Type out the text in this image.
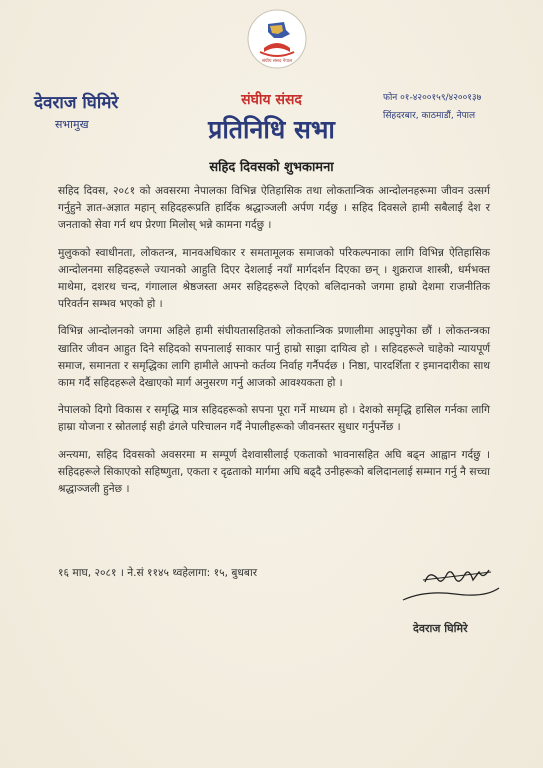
संघीय संसद नेपाल
देवराज घिमिरे
सभामुख
संघीय संसद
प्रतिनिधि सभा
फोन ०१-४२००१५९/४२००१३७
सिंहदरबार, काठमाडौं, नेपाल
सहिद दिवसको शुभकामना

सहिद दिवस, २०८१ को अवसरमा नेपालका विभिन्न ऐतिहासिक तथा लोकतान्त्रिक आन्दोलनहरूमा जीवन उत्सर्ग गर्नुहुने ज्ञात-अज्ञात महान् सहिदहरूप्रति हार्दिक श्रद्धाञ्जली अर्पण गर्दछु । सहिद दिवसले हामी सबैलाई देश र जनताको सेवा गर्न थप प्रेरणा मिलोस् भन्ने कामना गर्दछु ।

मुलुकको स्वाधीनता, लोकतन्त्र, मानवअधिकार र समतामूलक समाजको परिकल्पनाका लागि विभिन्न ऐतिहासिक आन्दोलनमा सहिदहरूले ज्यानको आहुति दिएर देशलाई नयाँ मार्गदर्शन दिएका छन् । शुक्रराज शास्त्री, धर्मभक्त माथेमा, दशरथ चन्द, गंगालाल श्रेष्ठजस्ता अमर सहिदहरूले दिएको बलिदानको जगमा हाम्रो देशमा राजनीतिक परिवर्तन सम्भव भएको हो ।

विभिन्न आन्दोलनको जगमा अहिले हामी संघीयतासहितको लोकतान्त्रिक प्रणालीमा आइपुगेका छौं । लोकतन्त्रका खातिर जीवन आहुत दिने सहिदको सपनालाई साकार पार्नु हाम्रो साझा दायित्व हो । सहिदहरूले चाहेको न्यायपूर्ण समाज, समानता र समृद्धिका लागि हामीले आफ्नो कर्तव्य निर्वाह गर्नैपर्दछ । निष्ठा, पारदर्शिता र इमानदारीका साथ काम गर्दै सहिदहरूले देखाएको मार्ग अनुसरण गर्नु आजको आवश्यकता हो ।

नेपालको दिगो विकास र समृद्धि मात्र सहिदहरूको सपना पूरा गर्ने माध्यम हो । देशको समृद्धि हासिल गर्नका लागि हाम्रा योजना र स्रोतलाई सही ढंगले परिचालन गर्दै नेपालीहरूको जीवनस्तर सुधार गर्नुपर्नेछ ।

अन्त्यमा, सहिद दिवसको अवसरमा म सम्पूर्ण देशवासीलाई एकताको भावनासहित अघि बढ्न आह्वान गर्दछु । सहिदहरूले सिकाएको सहिष्णुता, एकता र दृढताको मार्गमा अघि बढ्दै उनीहरूको बलिदानलाई सम्मान गर्नु नै सच्चा श्रद्धाञ्जली हुनेछ ।

१६ माघ, २०८१ । ने.सं ११४५ थ्वहेलागा: १५, बुधबार
देवराज घिमिरे
